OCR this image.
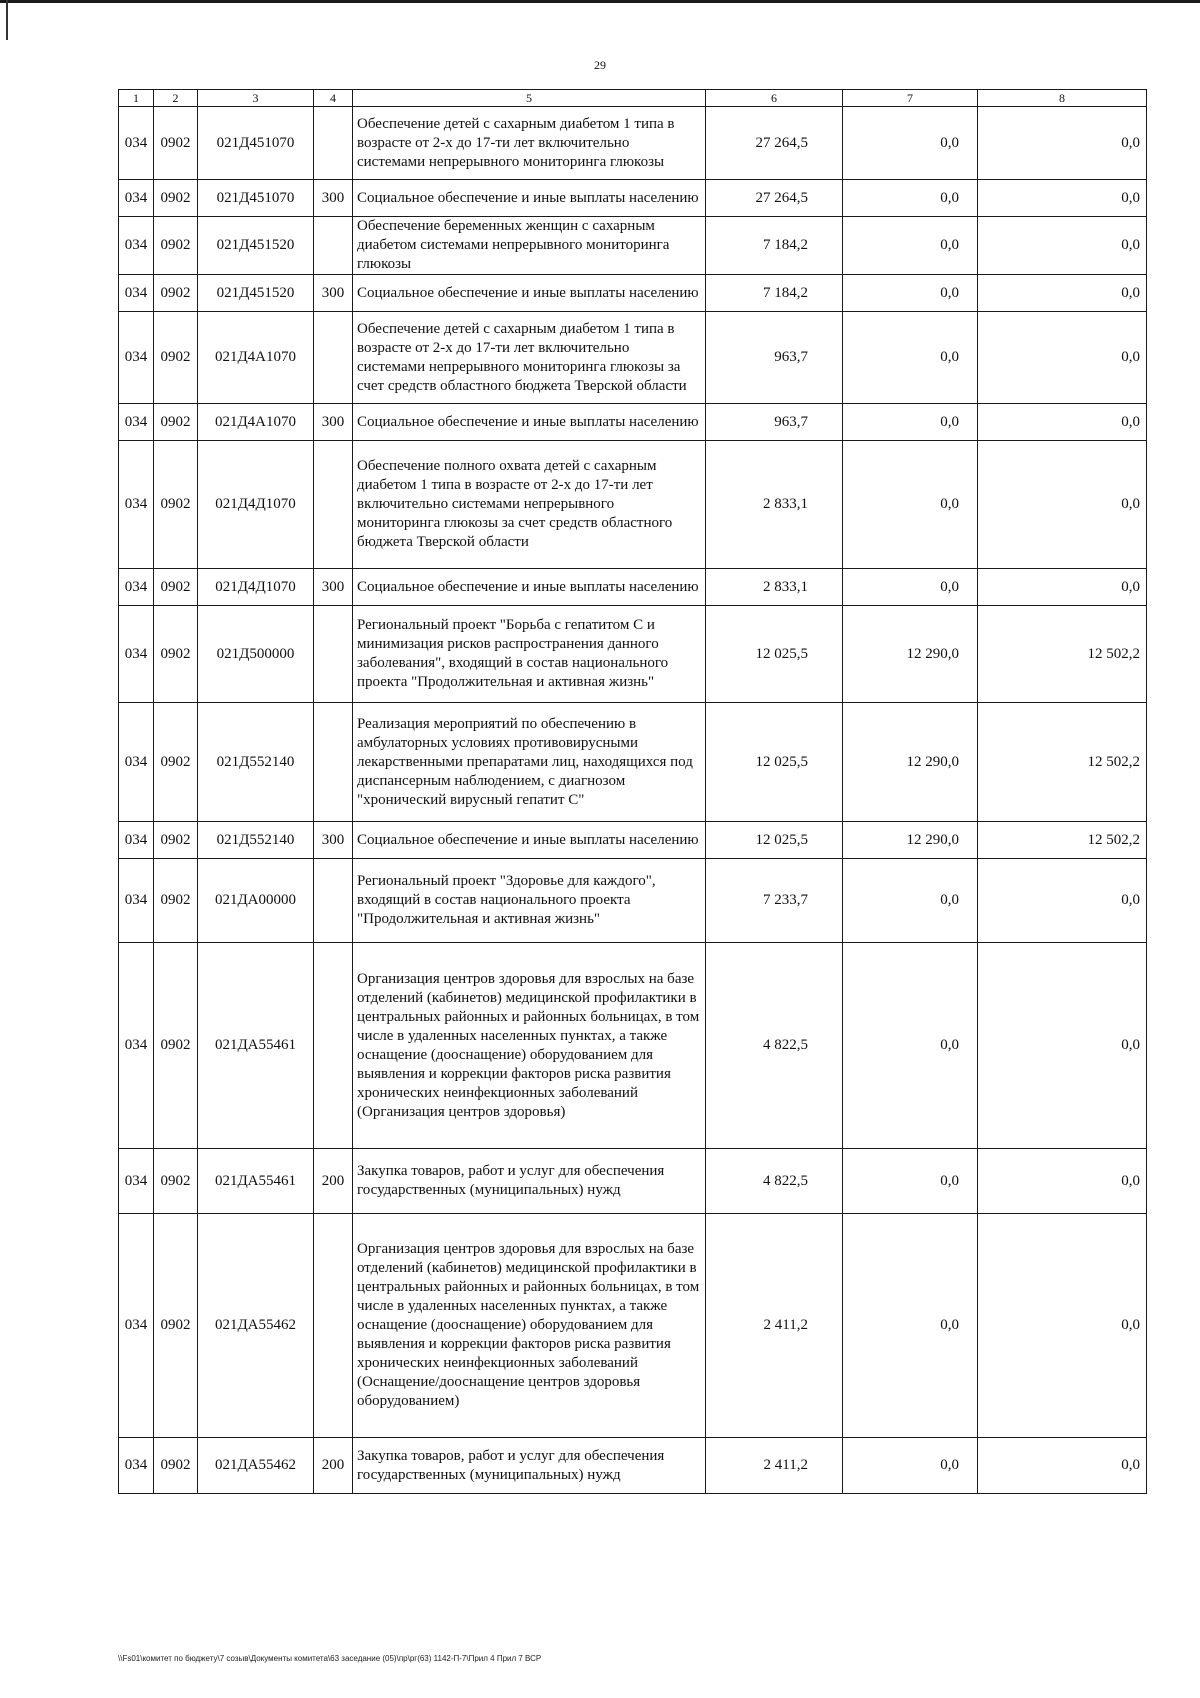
29
1	2	3	4	5	6	7	8
034	0902	021Д451070		Обеспечение детей с сахарным диабетом 1 типа в возрасте от 2-х до 17-ти лет включительно системами непрерывного мониторинга глюкозы	27 264,5	0,0	0,0
034	0902	021Д451070	300	Социальное обеспечение и иные выплаты населению	27 264,5	0,0	0,0
034	0902	021Д451520		Обеспечение беременных женщин с сахарным диабетом системами непрерывного мониторинга глюкозы	7 184,2	0,0	0,0
034	0902	021Д451520	300	Социальное обеспечение и иные выплаты населению	7 184,2	0,0	0,0
034	0902	021Д4А1070		Обеспечение детей с сахарным диабетом 1 типа в возрасте от 2-х до 17-ти лет включительно системами непрерывного мониторинга глюкозы за счет средств областного бюджета Тверской области	963,7	0,0	0,0
034	0902	021Д4А1070	300	Социальное обеспечение и иные выплаты населению	963,7	0,0	0,0
034	0902	021Д4Д1070		Обеспечение полного охвата детей с сахарным диабетом 1 типа в возрасте от 2-х до 17-ти лет включительно системами непрерывного мониторинга глюкозы за счет средств областного бюджета Тверской области	2 833,1	0,0	0,0
034	0902	021Д4Д1070	300	Социальное обеспечение и иные выплаты населению	2 833,1	0,0	0,0
034	0902	021Д500000		Региональный проект "Борьба с гепатитом С и минимизация рисков распространения данного заболевания", входящий в состав национального проекта "Продолжительная и активная жизнь"	12 025,5	12 290,0	12 502,2
034	0902	021Д552140		Реализация мероприятий по обеспечению в амбулаторных условиях противовирусными лекарственными препаратами лиц, находящихся под диспансерным наблюдением, с диагнозом "хронический вирусный гепатит С"	12 025,5	12 290,0	12 502,2
034	0902	021Д552140	300	Социальное обеспечение и иные выплаты населению	12 025,5	12 290,0	12 502,2
034	0902	021ДА00000		Региональный проект "Здоровье для каждого", входящий в состав национального проекта "Продолжительная и активная жизнь"	7 233,7	0,0	0,0
034	0902	021ДА55461		Организация центров здоровья для взрослых на базе отделений (кабинетов) медицинской профилактики в центральных районных и районных больницах, в том числе в удаленных населенных пунктах, а также оснащение (дооснащение) оборудованием для выявления и коррекции факторов риска развития хронических неинфекционных заболеваний (Организация центров здоровья)	4 822,5	0,0	0,0
034	0902	021ДА55461	200	Закупка товаров, работ и услуг для обеспечения государственных (муниципальных) нужд	4 822,5	0,0	0,0
034	0902	021ДА55462		Организация центров здоровья для взрослых на базе отделений (кабинетов) медицинской профилактики в центральных районных и районных больницах, в том числе в удаленных населенных пунктах, а также оснащение (дооснащение) оборудованием для выявления и коррекции факторов риска развития хронических неинфекционных заболеваний (Оснащение/дооснащение центров здоровья оборудованием)	2 411,2	0,0	0,0
034	0902	021ДА55462	200	Закупка товаров, работ и услуг для обеспечения государственных (муниципальных) нужд	2 411,2	0,0	0,0
\\Fs01\комитет по бюджету\7 созыв\Документы комитета\63 заседание (05)\пр\рг(63) 1142-П-7\Прил 4 Прил 7 ВСР
